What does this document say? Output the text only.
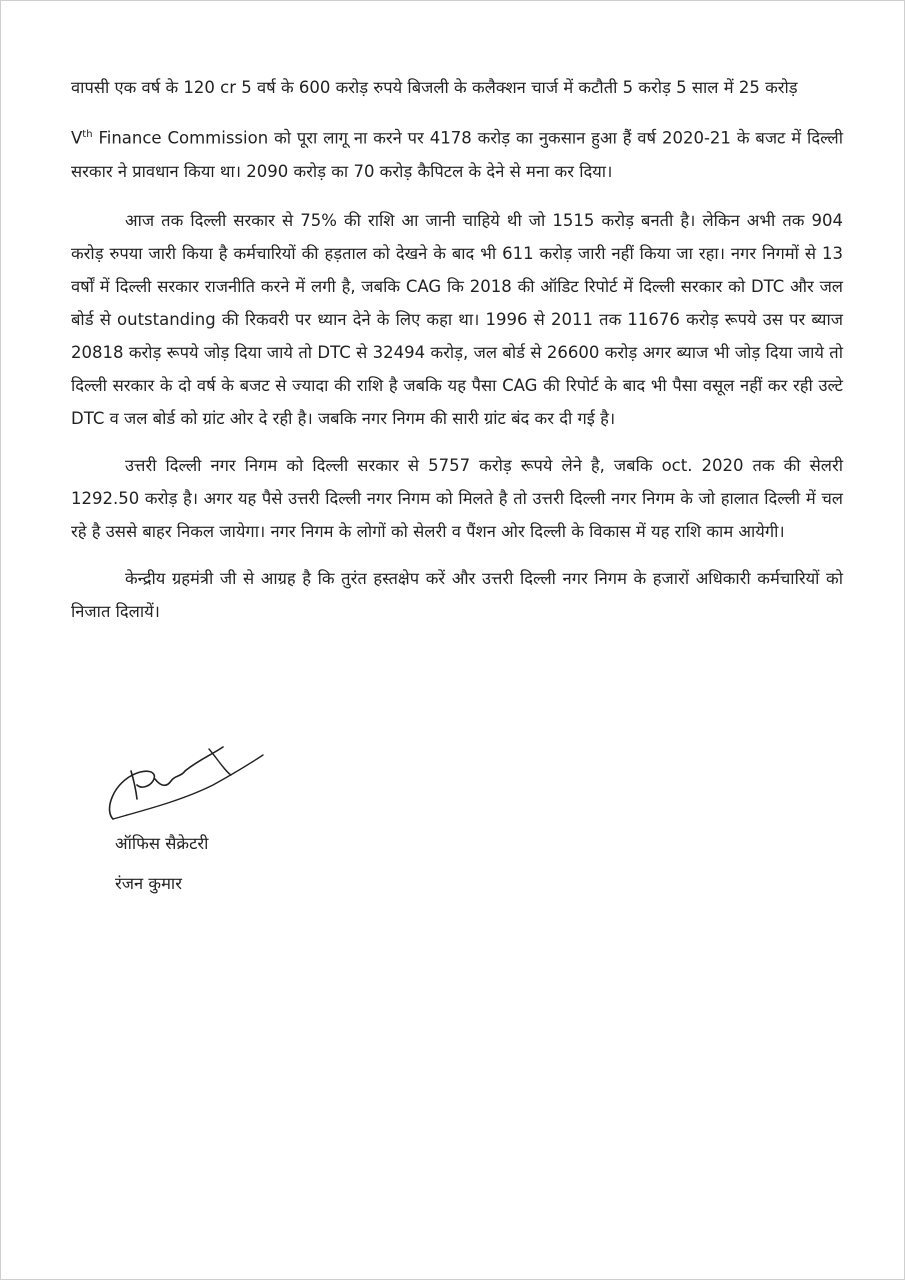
वापसी एक वर्ष के 120 cr 5 वर्ष के 600 करोड़ रुपये बिजली के कलैक्शन चार्ज में कटौती 5 करोड़ 5 साल में 25 करोड़

Vth Finance Commission को पूरा लागू ना करने पर 4178 करोड़ का नुकसान हुआ हैं वर्ष 2020-21 के बजट में दिल्ली सरकार ने प्रावधान किया था। 2090 करोड़ का 70 करोड़ कैपिटल के देने से मना कर दिया।

आज तक दिल्ली सरकार से 75% की राशि आ जानी चाहिये थी जो 1515 करोड़ बनती है। लेकिन अभी तक 904 करोड़ रुपया जारी किया है कर्मचारियों की हड़ताल को देखने के बाद भी 611 करोड़ जारी नहीं किया जा रहा। नगर निगमों से 13 वर्षों में दिल्ली सरकार राजनीति करने में लगी है, जबकि CAG कि 2018 की ऑडिट रिपोर्ट में दिल्ली सरकार को DTC और जल बोर्ड से outstanding की रिकवरी पर ध्यान देने के लिए कहा था। 1996 से 2011 तक 11676 करोड़ रूपये उस पर ब्याज 20818 करोड़ रूपये जोड़ दिया जाये तो DTC से 32494 करोड़, जल बोर्ड से 26600 करोड़ अगर ब्याज भी जोड़ दिया जाये तो दिल्ली सरकार के दो वर्ष के बजट से ज्यादा की राशि है जबकि यह पैसा CAG की रिपोर्ट के बाद भी पैसा वसूल नहीं कर रही उल्टे DTC व जल बोर्ड को ग्रांट ओर दे रही है। जबकि नगर निगम की सारी ग्रांट बंद कर दी गई है।

उत्तरी दिल्ली नगर निगम को दिल्ली सरकार से 5757 करोड़ रूपये लेने है, जबकि oct. 2020 तक की सेलरी 1292.50 करोड़ है। अगर यह पैसे उत्तरी दिल्ली नगर निगम को मिलते है तो उत्तरी दिल्ली नगर निगम के जो हालात दिल्ली में चल रहे है उससे बाहर निकल जायेगा। नगर निगम के लोगों को सेलरी व पैंशन ओर दिल्ली के विकास में यह राशि काम आयेगी।

केन्द्रीय ग्रहमंत्री जी से आग्रह है कि तुरंत हस्तक्षेप करें और उत्तरी दिल्ली नगर निगम के हजारों अधिकारी कर्मचारियों को निजात दिलायें।

ऑफिस सैक्रेटरी
रंजन कुमार
